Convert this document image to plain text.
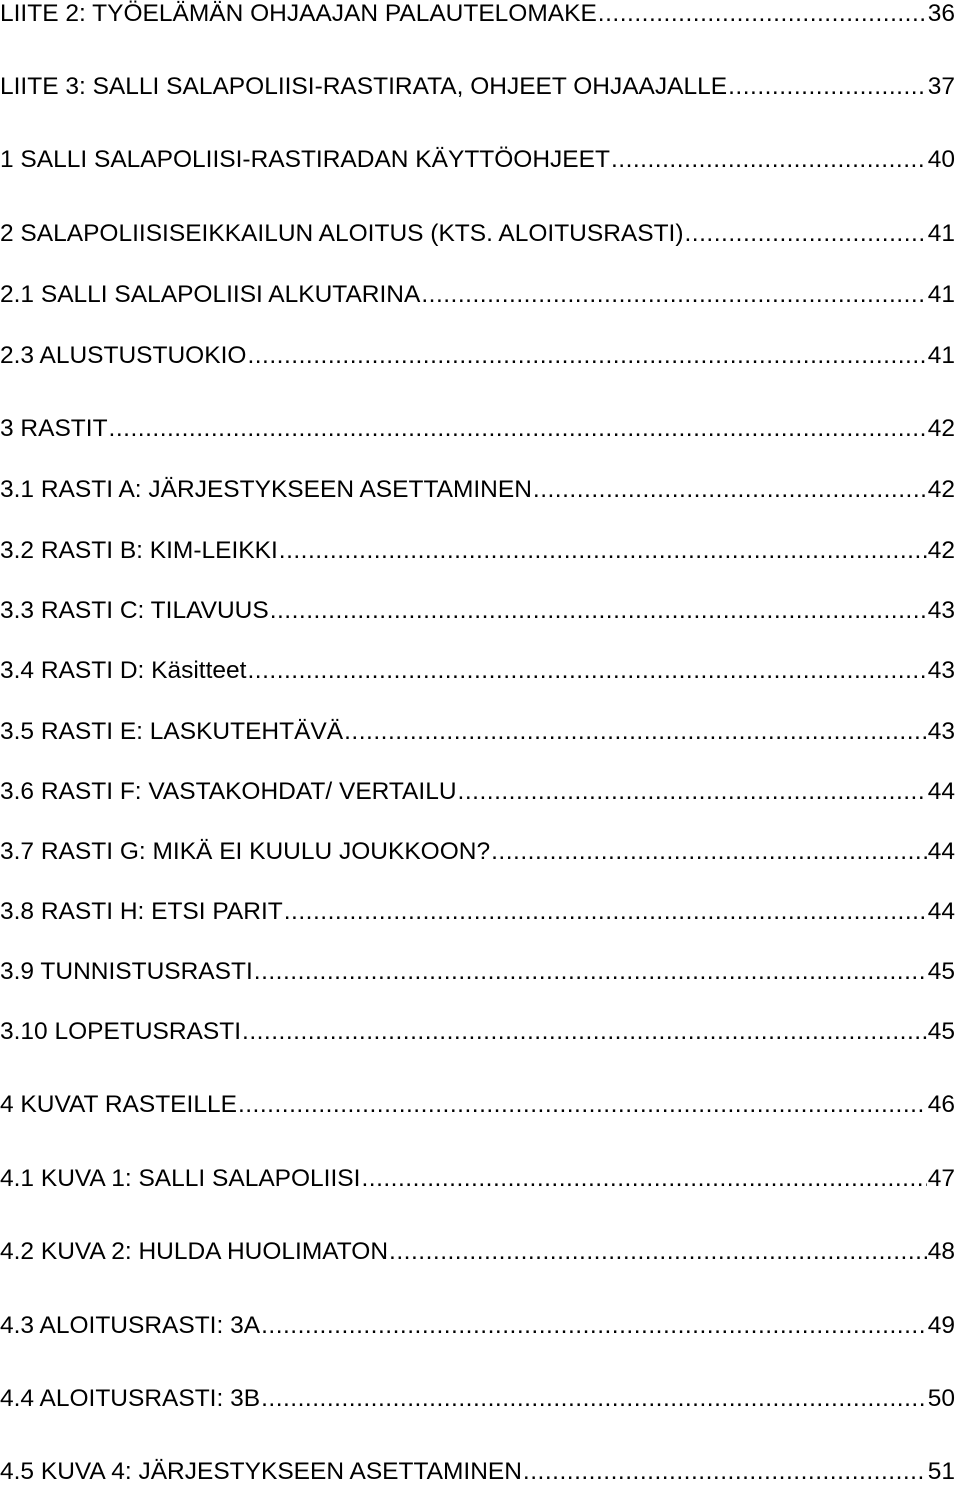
LIITE 2: TYÖELÄMÄN OHJAAJAN PALAUTELOMAKE .....	36
LIITE 3: SALLI SALAPOLIISI-RASTIRATA, OHJEET OHJAAJALLE .....	37
1 SALLI SALAPOLIISI-RASTIRADAN KÄYTTÖOHJEET .....	40
2 SALAPOLIISISEIKKAILUN ALOITUS (KTS. ALOITUSRASTI) .....	41
2.1 SALLI SALAPOLIISI ALKUTARINA .....	41
2.3 ALUSTUSTUOKIO .....	41
3 RASTIT .....	42
3.1 RASTI A: JÄRJESTYKSEEN ASETTAMINEN .....	42
3.2 RASTI B: KIM-LEIKKI .....	42
3.3 RASTI C: TILAVUUS .....	43
3.4 RASTI D: Käsitteet .....	43
3.5 RASTI E: LASKUTEHTÄVÄ .....	43
3.6 RASTI F: VASTAKOHDAT/ VERTAILU .....	44
3.7 RASTI G: MIKÄ EI KUULU JOUKKOON? .....	44
3.8 RASTI H: ETSI PARIT .....	44
3.9 TUNNISTUSRASTI .....	45
3.10 LOPETUSRASTI .....	45
4 KUVAT RASTEILLE .....	46
4.1 KUVA 1: SALLI SALAPOLIISI .....	47
4.2 KUVA 2: HULDA HUOLIMATON .....	48
4.3 ALOITUSRASTI: 3A .....	49
4.4 ALOITUSRASTI: 3B .....	50
4.5 KUVA 4: JÄRJESTYKSEEN ASETTAMINEN .....	51
